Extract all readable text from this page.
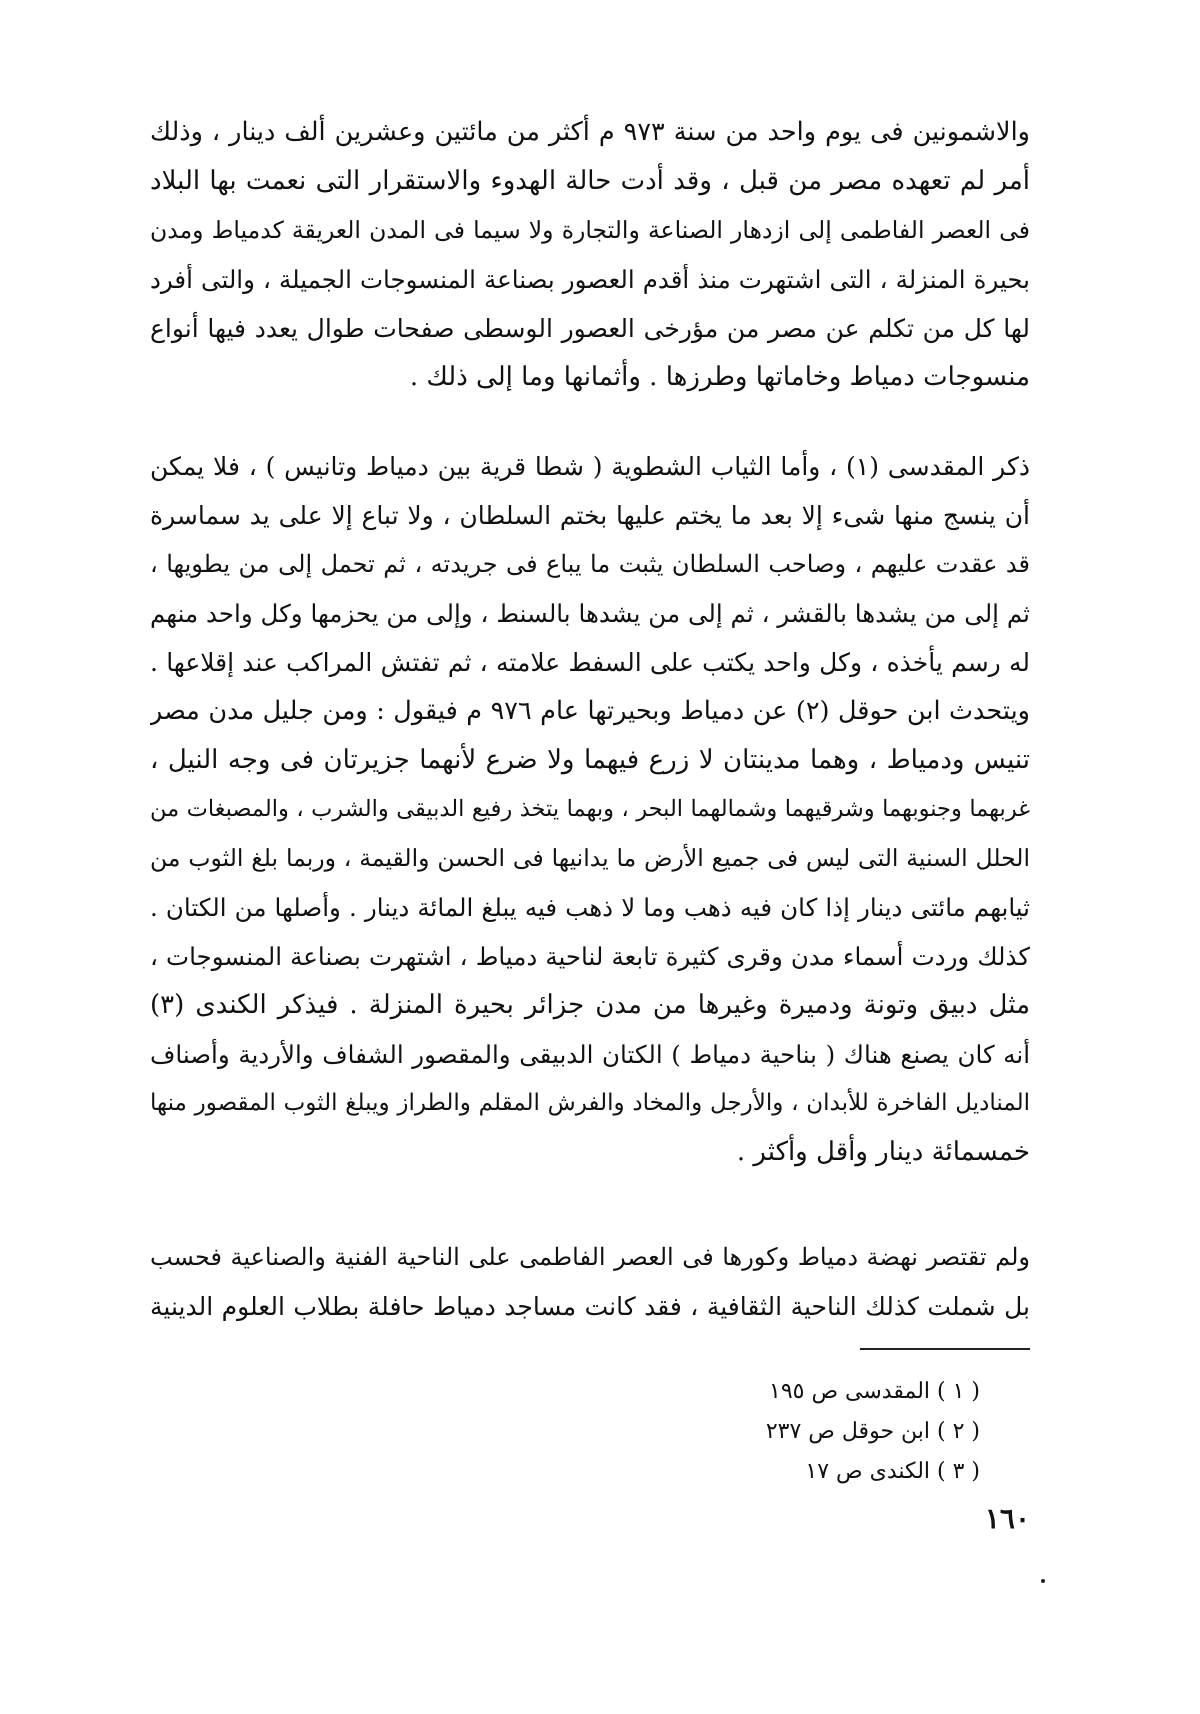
والاشمونين فى يوم واحد من سنة ٩٧٣ م أكثر من مائتين وعشرين ألف دينار ، وذلك
أمر لم تعهده مصر من قبل ، وقد أدت حالة الهدوء والاستقرار التى نعمت بها البلاد
فى العصر الفاطمى إلى ازدهار الصناعة والتجارة ولا سيما فى المدن العريقة كدمياط ومدن
بحيرة المنزلة ، التى اشتهرت منذ أقدم العصور بصناعة المنسوجات الجميلة ، والتى أفرد
لها كل من تكلم عن مصر من مؤرخى العصور الوسطى صفحات طوال يعدد فيها أنواع
منسوجات دمياط وخاماتها وطرزها . وأثمانها وما إلى ذلك .
ذكر المقدسى (١) ، وأما الثياب الشطوية ( شطا قرية بين دمياط وتانيس ) ، فلا يمكن
أن ينسج منها شىء إلا بعد ما يختم عليها بختم السلطان ، ولا تباع إلا على يد سماسرة
قد عقدت عليهم ، وصاحب السلطان يثبت ما يباع فى جريدته ، ثم تحمل إلى من يطويها ،
ثم إلى من يشدها بالقشر ، ثم إلى من يشدها بالسنط ، وإلى من يحزمها وكل واحد منهم
له رسم يأخذه ، وكل واحد يكتب على السفط علامته ، ثم تفتش المراكب عند إقلاعها .
ويتحدث ابن حوقل (٢) عن دمياط وبحيرتها عام ٩٧٦ م فيقول : ومن جليل مدن مصر
تنيس ودمياط ، وهما مدينتان لا زرع فيهما ولا ضرع لأنهما جزيرتان فى وجه النيل ،
غربهما وجنوبهما وشرقيهما وشمالهما البحر ، وبهما يتخذ رفيع الدبيقى والشرب ، والمصبغات من
الحلل السنية التى ليس فى جميع الأرض ما يدانيها فى الحسن والقيمة ، وربما بلغ الثوب من
ثيابهم مائتى دينار إذا كان فيه ذهب وما لا ذهب فيه يبلغ المائة دينار . وأصلها من الكتان .
كذلك وردت أسماء مدن وقرى كثيرة تابعة لناحية دمياط ، اشتهرت بصناعة المنسوجات ،
مثل دبيق وتونة ودميرة وغيرها من مدن جزائر بحيرة المنزلة . فيذكر الكندى (٣)
أنه كان يصنع هناك ( بناحية دمياط ) الكتان الدبيقى والمقصور الشفاف والأردية وأصناف
المناديل الفاخرة للأبدان ، والأرجل والمخاد والفرش المقلم والطراز ويبلغ الثوب المقصور منها
خمسمائة دينار وأقل وأكثر .
ولم تقتصر نهضة دمياط وكورها فى العصر الفاطمى على الناحية الفنية والصناعية فحسب
بل شملت كذلك الناحية الثقافية ، فقد كانت مساجد دمياط حافلة بطلاب العلوم الدينية
( ١ ) المقدسى ص ١٩٥
( ٢ ) ابن حوقل ص ٢٣٧
( ٣ ) الكندى ص ١٧
١٦٠
